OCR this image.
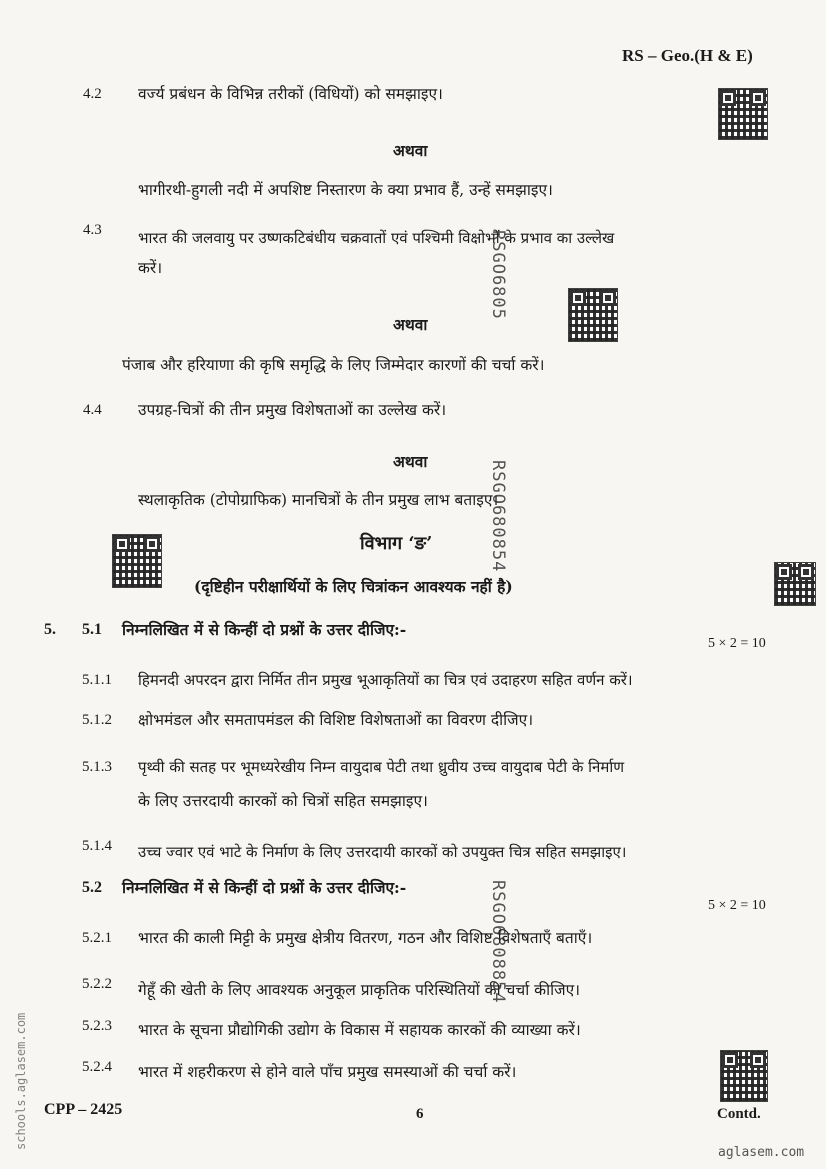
RS – Geo.(H & E)
4.2 वर्ज्य प्रबंधन के विभिन्न तरीकों (विधियों) को समझाइए।
अथवा
भागीरथी-हुगली नदी में अपशिष्ट निस्तारण के क्या प्रभाव हैं, उन्हें समझाइए।
4.3 भारत की जलवायु पर उष्णकटिबंधीय चक्रवातों एवं पश्चिमी विक्षोभों के प्रभाव का उल्लेख
करें।
अथवा
पंजाब और हरियाणा की कृषि समृद्धि के लिए जिम्मेदार कारणों की चर्चा करें।
4.4 उपग्रह-चित्रों की तीन प्रमुख विशेषताओं का उल्लेख करें।
अथवा
स्थलाकृतिक (टोपोग्राफिक) मानचित्रों के तीन प्रमुख लाभ बताइए।
विभाग ‘ङ’
(दृष्टिहीन परीक्षार्थियों के लिए चित्रांकन आवश्यक नहीं है)
5. 5.1 निम्नलिखित में से किन्हीं दो प्रश्नों के उत्तर दीजिए:-
5 × 2 = 10
5.1.1 हिमनदी अपरदन द्वारा निर्मित तीन प्रमुख भूआकृतियों का चित्र एवं उदाहरण सहित वर्णन करें।
5.1.2 क्षोभमंडल और समतापमंडल की विशिष्ट विशेषताओं का विवरण दीजिए।
5.1.3 पृथ्वी की सतह पर भूमध्यरेखीय निम्न वायुदाब पेटी तथा ध्रुवीय उच्च वायुदाब पेटी के निर्माण
के लिए उत्तरदायी कारकों को चित्रों सहित समझाइए।
5.1.4 उच्च ज्वार एवं भाटे के निर्माण के लिए उत्तरदायी कारकों को उपयुक्त चित्र सहित समझाइए।
5.2 निम्नलिखित में से किन्हीं दो प्रश्नों के उत्तर दीजिए:-
5 × 2 = 10
5.2.1 भारत की काली मिट्टी के प्रमुख क्षेत्रीय वितरण, गठन और विशिष्ट विशेषताएँ बताएँ।
5.2.2 गेहूँ की खेती के लिए आवश्यक अनुकूल प्राकृतिक परिस्थितियों की चर्चा कीजिए।
5.2.3 भारत के सूचना प्रौद्योगिकी उद्योग के विकास में सहायक कारकों की व्याख्या करें।
5.2.4 भारत में शहरीकरण से होने वाले पाँच प्रमुख समस्याओं की चर्चा करें।
CPP – 2425	6	Contd.
RSGO6805
RSGO680854
RSGO6808854
schools.aglasem.com
aglasem.com
